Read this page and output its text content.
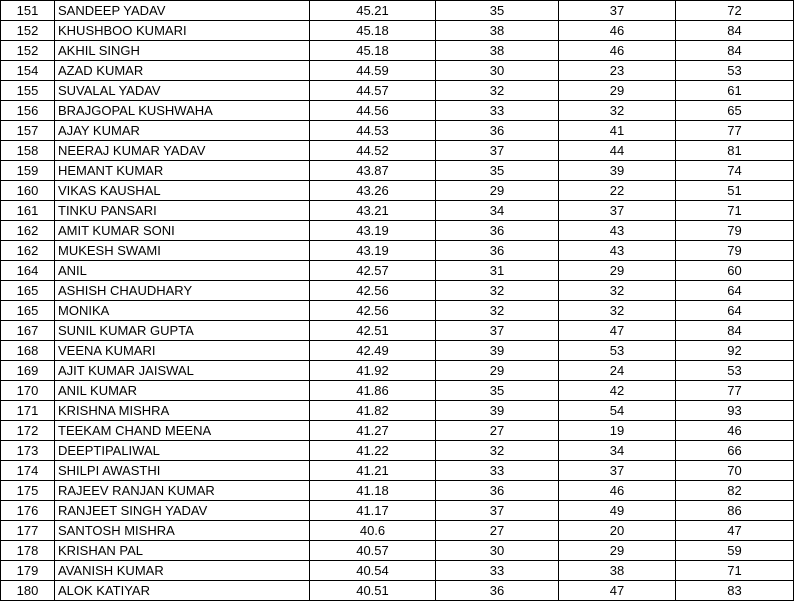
151	SANDEEP YADAV	45.21	35	37	72
152	KHUSHBOO KUMARI	45.18	38	46	84
152	AKHIL SINGH	45.18	38	46	84
154	AZAD KUMAR	44.59	30	23	53
155	SUVALAL YADAV	44.57	32	29	61
156	BRAJGOPAL KUSHWAHA	44.56	33	32	65
157	AJAY KUMAR	44.53	36	41	77
158	NEERAJ KUMAR YADAV	44.52	37	44	81
159	HEMANT KUMAR	43.87	35	39	74
160	VIKAS KAUSHAL	43.26	29	22	51
161	TINKU PANSARI	43.21	34	37	71
162	AMIT KUMAR SONI	43.19	36	43	79
162	MUKESH SWAMI	43.19	36	43	79
164	ANIL	42.57	31	29	60
165	ASHISH CHAUDHARY	42.56	32	32	64
165	MONIKA	42.56	32	32	64
167	SUNIL KUMAR GUPTA	42.51	37	47	84
168	VEENA KUMARI	42.49	39	53	92
169	AJIT KUMAR JAISWAL	41.92	29	24	53
170	ANIL KUMAR	41.86	35	42	77
171	KRISHNA MISHRA	41.82	39	54	93
172	TEEKAM CHAND MEENA	41.27	27	19	46
173	DEEPTIPALIWAL	41.22	32	34	66
174	SHILPI AWASTHI	41.21	33	37	70
175	RAJEEV RANJAN KUMAR	41.18	36	46	82
176	RANJEET SINGH YADAV	41.17	37	49	86
177	SANTOSH MISHRA	40.6	27	20	47
178	KRISHAN PAL	40.57	30	29	59
179	AVANISH KUMAR	40.54	33	38	71
180	ALOK KATIYAR	40.51	36	47	83
